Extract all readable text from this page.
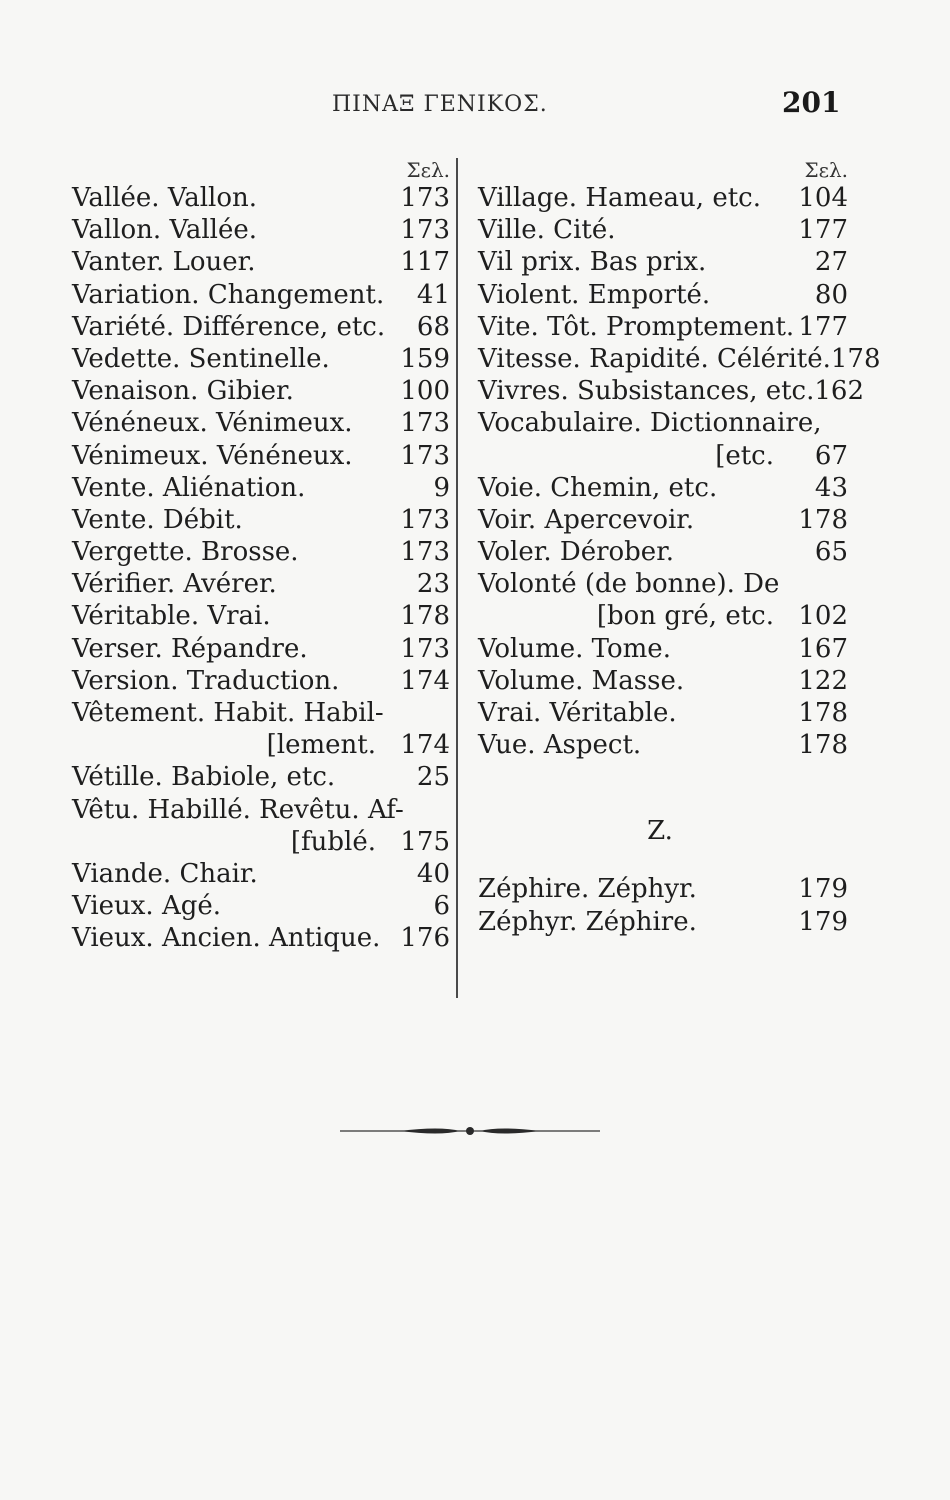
ΠΙΝΑΞ ΓΕΝΙΚΟΣ.	201
Σελ.
Vallée. Vallon.	173
Vallon. Vallée.	173
Vanter. Louer.	117
Variation. Changement.	41
Variété. Différence, etc.	68
Vedette. Sentinelle.	159
Venaison. Gibier.	100
Vénéneux. Vénimeux.	173
Vénimeux. Vénéneux.	173
Vente. Aliénation.	9
Vente. Débit.	173
Vergette. Brosse.	173
Vérifier. Avérer.	23
Véritable. Vrai.	178
Verser. Répandre.	173
Version. Traduction.	174
Vêtement. Habit. Habil-
[lement. 174
Vétille. Babiole, etc.	25
Vêtu. Habillé. Revêtu. Af-
[fublé. 175
Viande. Chair.	40
Vieux. Agé.	6
Vieux. Ancien. Antique. 176
Σελ.
Village. Hameau, etc.	104
Ville. Cité.	177
Vil prix. Bas prix.	27
Violent. Emporté.	80
Vite. Tôt. Promptement. 177
Vitesse. Rapidité. Célérité. 178
Vivres. Subsistances, etc. 162
Vocabulaire. Dictionnaire,
[etc.	67
Voie. Chemin, etc.	43
Voir. Apercevoir.	178
Voler. Dérober.	65
Volonté (de bonne). De
[bon gré, etc. 102
Volume. Tome.	167
Volume. Masse.	122
Vrai. Véritable.	178
Vue. Aspect.	178
Z.
Zéphire. Zéphyr.	179
Zéphyr. Zéphire.	179
